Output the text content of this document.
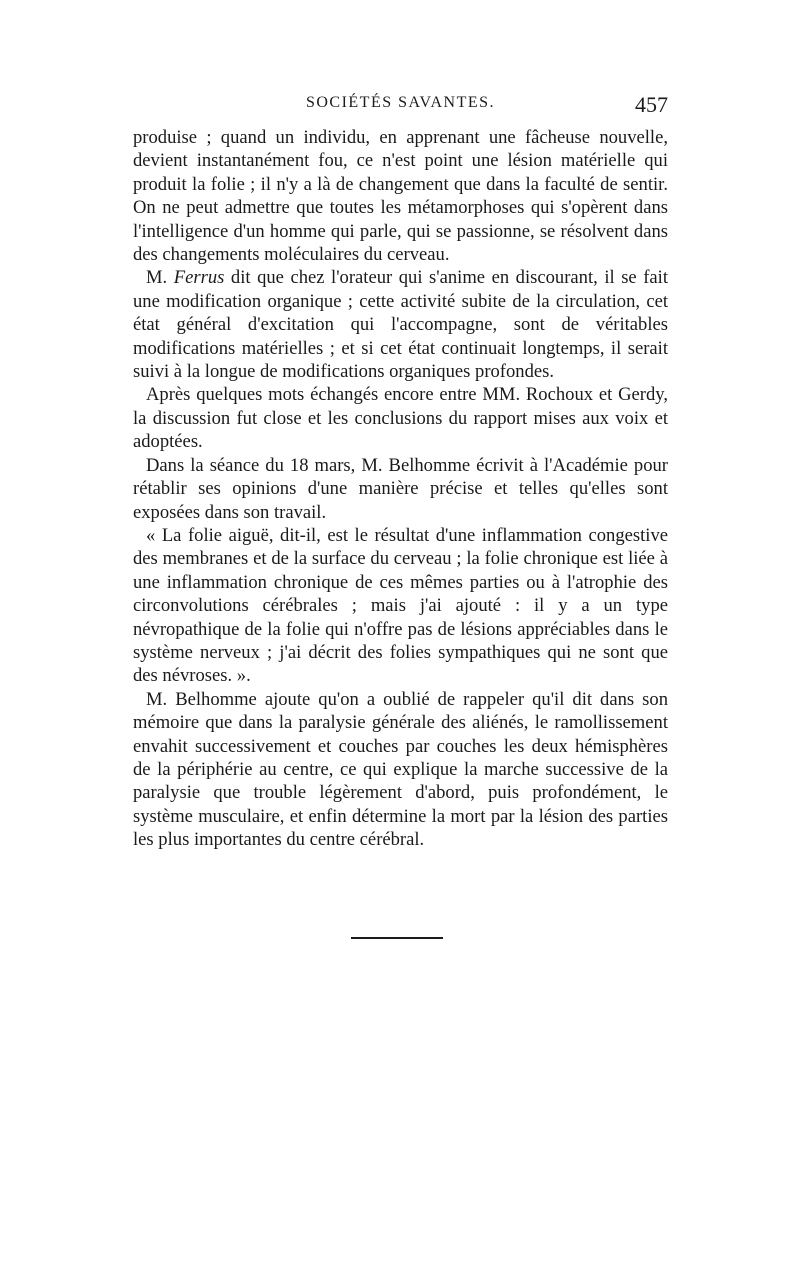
SOCIÉTÉS SAVANTES.	457

produise ; quand un individu, en apprenant une fâcheuse nouvelle, devient instantanément fou, ce n'est point une lésion matérielle qui produit la folie ; il n'y a là de changement que dans la faculté de sentir. On ne peut admettre que toutes les métamorphoses qui s'opèrent dans l'intelligence d'un homme qui parle, qui se passionne, se résolvent dans des changements moléculaires du cerveau.

M. Ferrus dit que chez l'orateur qui s'anime en discourant, il se fait une modification organique ; cette activité subite de la circulation, cet état général d'excitation qui l'accompagne, sont de véritables modifications matérielles ; et si cet état continuait longtemps, il serait suivi à la longue de modifications organiques profondes.

Après quelques mots échangés encore entre MM. Rochoux et Gerdy, la discussion fut close et les conclusions du rapport mises aux voix et adoptées.

Dans la séance du 18 mars, M. Belhomme écrivit à l'Académie pour rétablir ses opinions d'une manière précise et telles qu'elles sont exposées dans son travail.

« La folie aiguë, dit-il, est le résultat d'une inflammation congestive des membranes et de la surface du cerveau ; la folie chronique est liée à une inflammation chronique de ces mêmes parties ou à l'atrophie des circonvolutions cérébrales ; mais j'ai ajouté : il y a un type névropathique de la folie qui n'offre pas de lésions appréciables dans le système nerveux ; j'ai décrit des folies sympathiques qui ne sont que des névroses. ».

M. Belhomme ajoute qu'on a oublié de rappeler qu'il dit dans son mémoire que dans la paralysie générale des aliénés, le ramollissement envahit successivement et couches par couches les deux hémisphères de la périphérie au centre, ce qui explique la marche successive de la paralysie que trouble légèrement d'abord, puis profondément, le système musculaire, et enfin détermine la mort par la lésion des parties les plus importantes du centre cérébral.
